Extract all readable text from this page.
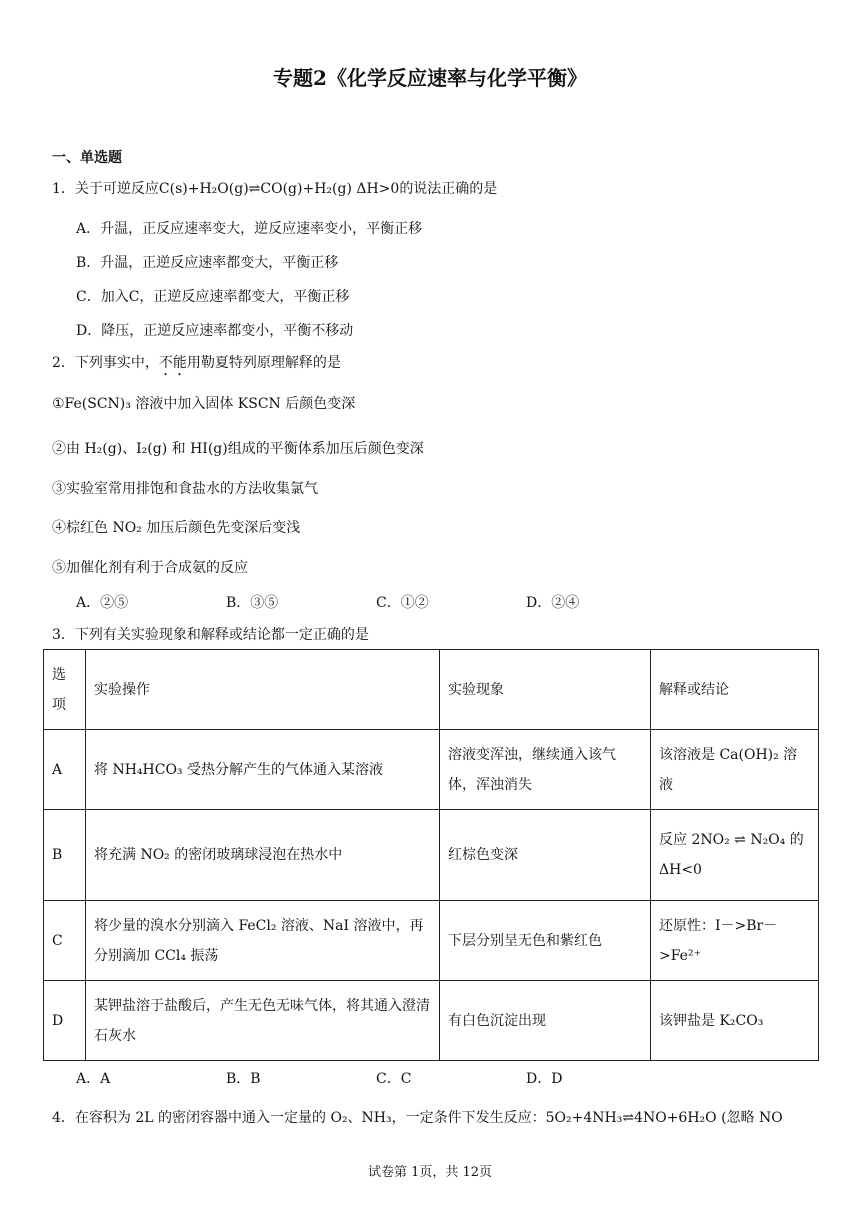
专题2《化学反应速率与化学平衡》
一、单选题
1．关于可逆反应C(s)+H₂O(g)⇌CO(g)+H₂(g) ΔH>0的说法正确的是
A．升温，正反应速率变大，逆反应速率变小，平衡正移
B．升温，正逆反应速率都变大，平衡正移
C．加入C，正逆反应速率都变大，平衡正移
D．降压，正逆反应速率都变小，平衡不移动
2．下列事实中，不能用勒夏特列原理解释的是
①Fe(SCN)₃ 溶液中加入固体 KSCN 后颜色变深
②由 H₂(g)、I₂(g) 和 HI(g)组成的平衡体系加压后颜色变深
③实验室常用排饱和食盐水的方法收集氯气
④棕红色 NO₂ 加压后颜色先变深后变浅
⑤加催化剂有利于合成氨的反应
A．②⑤	B．③⑤	C．①②	D．②④
3．下列有关实验现象和解释或结论都一定正确的是
选项	实验操作	实验现象	解释或结论
A	将 NH₄HCO₃ 受热分解产生的气体通入某溶液	溶液变浑浊，继续通入该气体，浑浊消失	该溶液是 Ca(OH)₂ 溶液
B	将充满 NO₂ 的密闭玻璃球浸泡在热水中	红棕色变深	反应 2NO₂ ⇌ N₂O₄ 的 ΔH<0
C	将少量的溴水分别滴入 FeCl₂ 溶液、NaI 溶液中，再分别滴加 CCl₄ 振荡	下层分别呈无色和紫红色	还原性：I－>Br－>Fe²⁺
D	某钾盐溶于盐酸后，产生无色无味气体，将其通入澄清石灰水	有白色沉淀出现	该钾盐是 K₂CO₃
A．A	B．B	C．C	D．D
4．在容积为 2L 的密闭容器中通入一定量的 O₂、NH₃，一定条件下发生反应：5O₂+4NH₃⇌4NO+6H₂O (忽略 NO
试卷第 1页，共 12页
